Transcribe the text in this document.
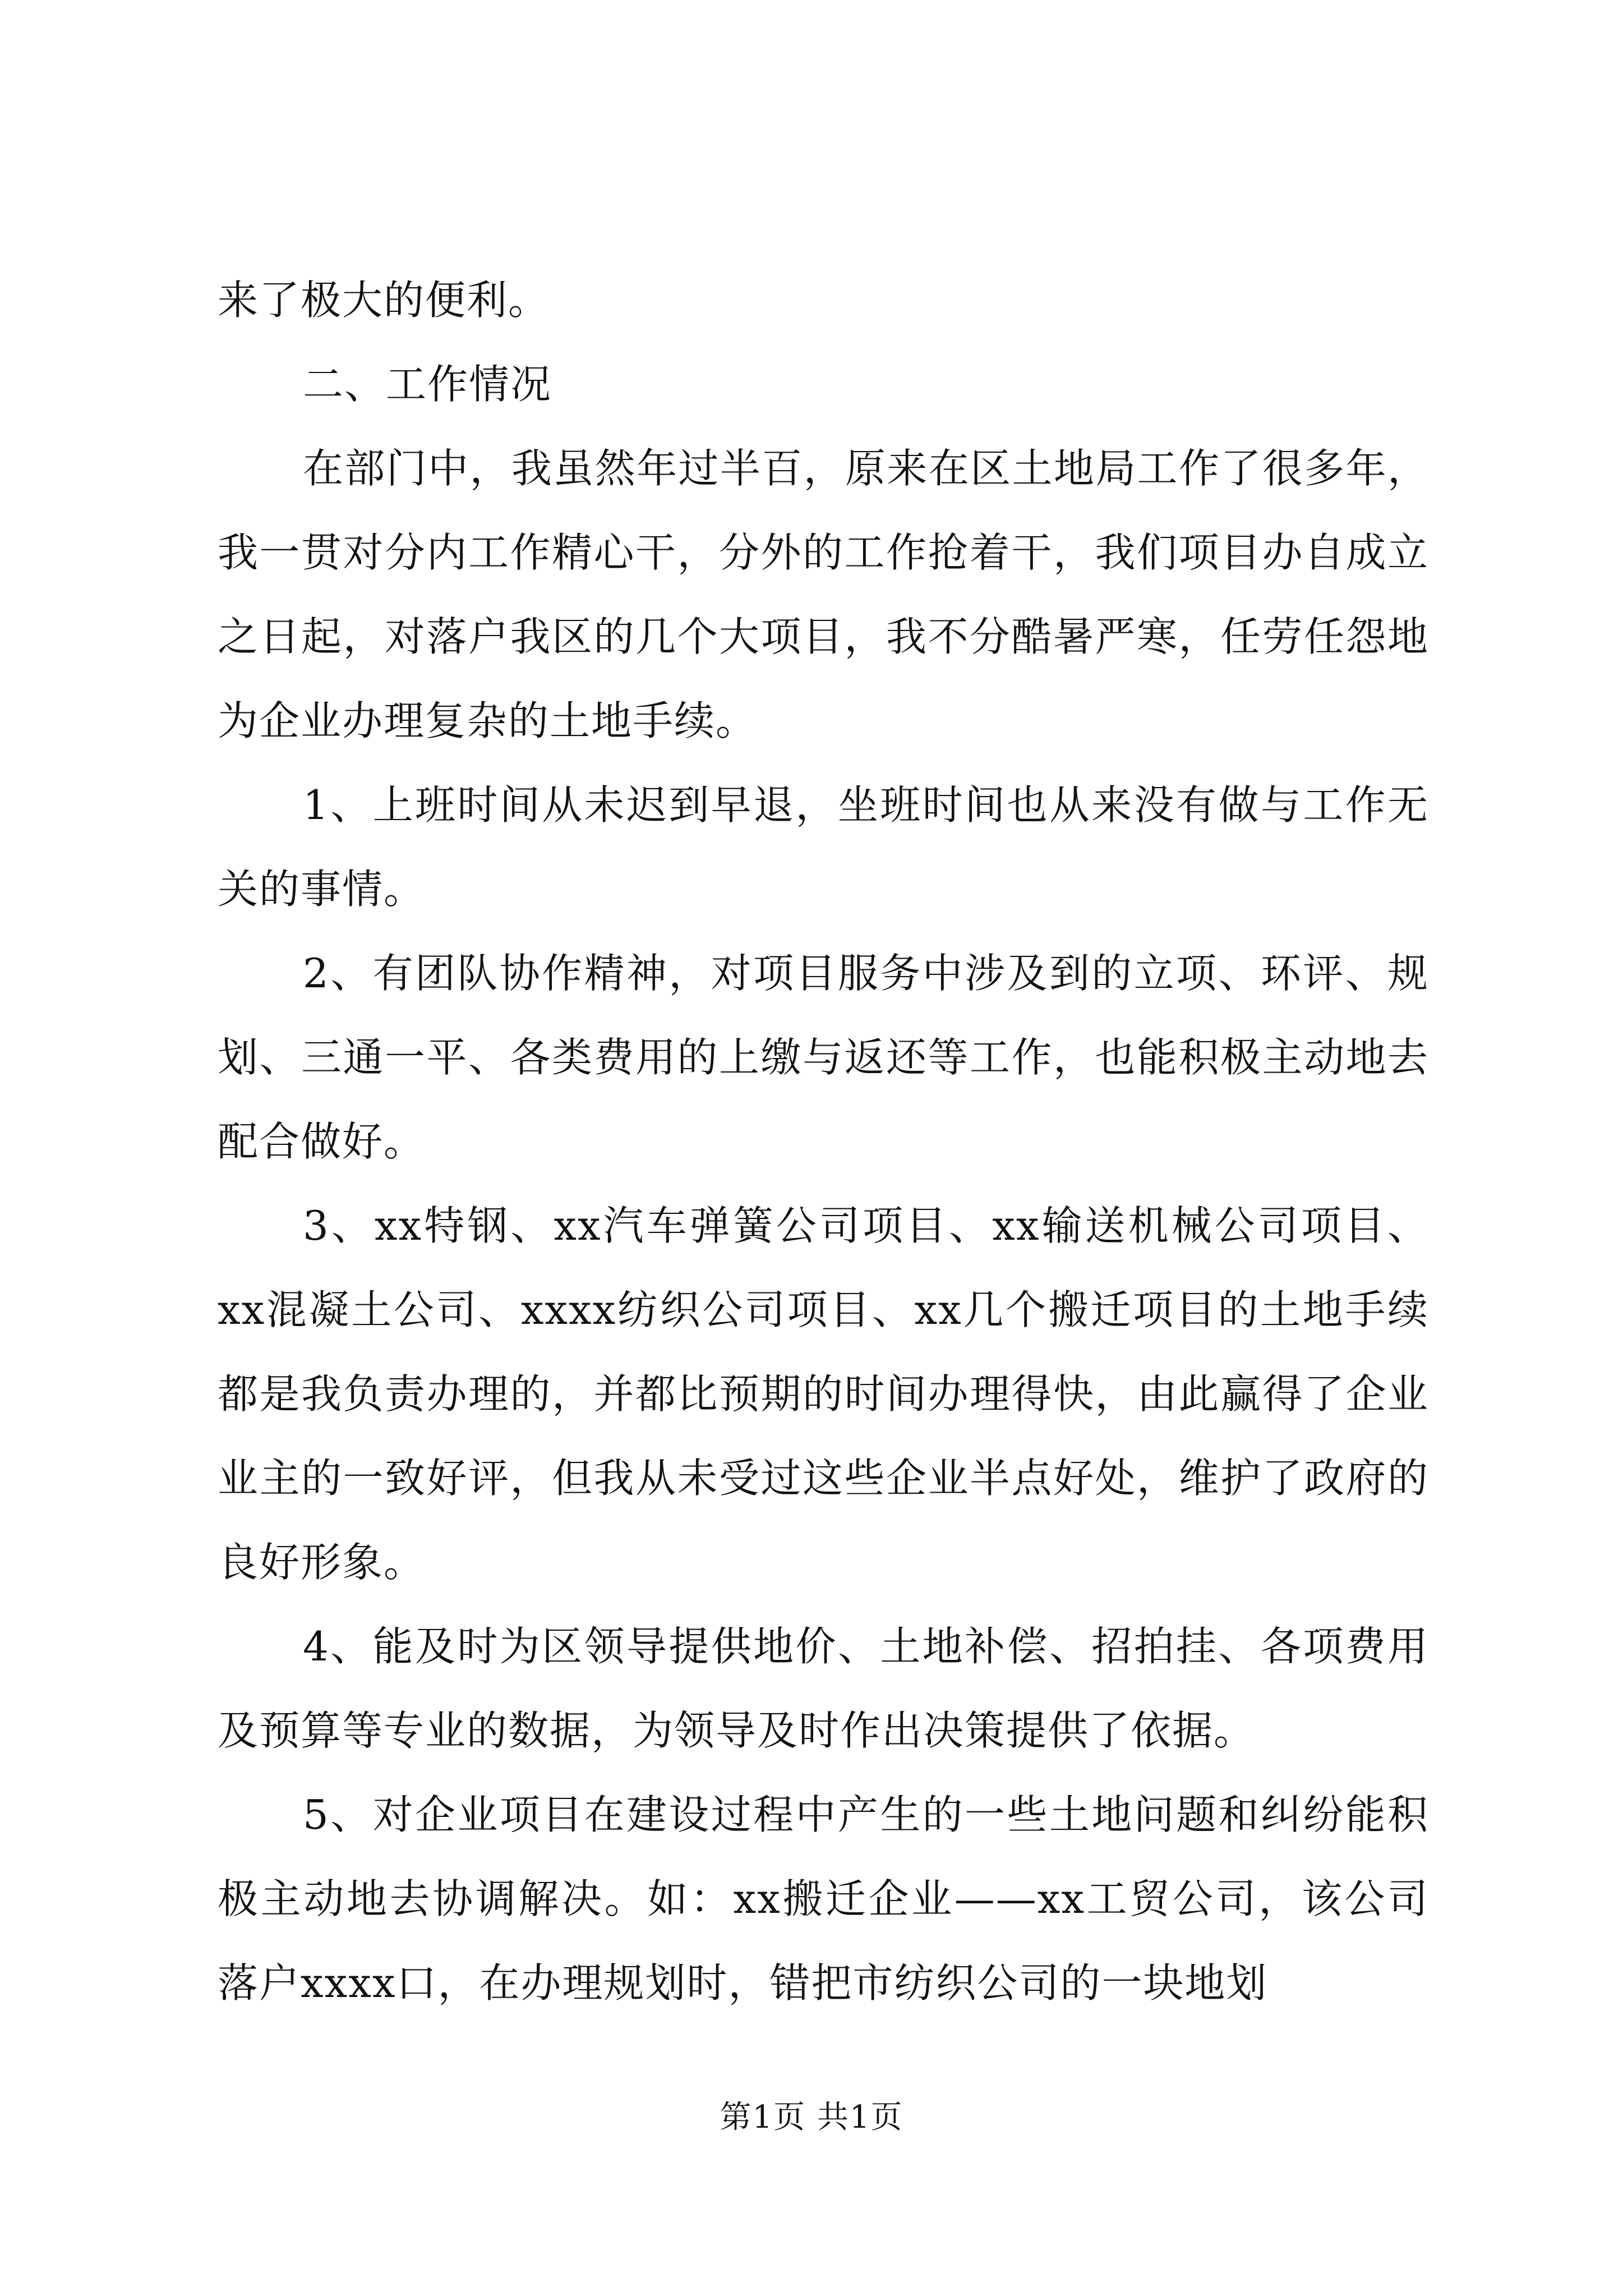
来了极大的便利。

二、工作情况

在部门中，我虽然年过半百，原来在区土地局工作了很多年，我一贯对分内工作精心干，分外的工作抢着干，我们项目办自成立之日起，对落户我区的几个大项目，我不分酷暑严寒，任劳任怨地为企业办理复杂的土地手续。

1、上班时间从未迟到早退，坐班时间也从来没有做与工作无关的事情。

2、有团队协作精神，对项目服务中涉及到的立项、环评、规划、三通一平、各类费用的上缴与返还等工作，也能积极主动地去配合做好。

3、xx特钢、xx汽车弹簧公司项目、xx输送机械公司项目、xx混凝土公司、xxxx纺织公司项目、xx几个搬迁项目的土地手续都是我负责办理的，并都比预期的时间办理得快，由此赢得了企业业主的一致好评，但我从未受过这些企业半点好处，维护了政府的良好形象。

4、能及时为区领导提供地价、土地补偿、招拍挂、各项费用及预算等专业的数据，为领导及时作出决策提供了依据。

5、对企业项目在建设过程中产生的一些土地问题和纠纷能积极主动地去协调解决。如：xx搬迁企业——xx工贸公司，该公司落户xxxx口，在办理规划时，错把市纺织公司的一块地划

第1页 共1页
